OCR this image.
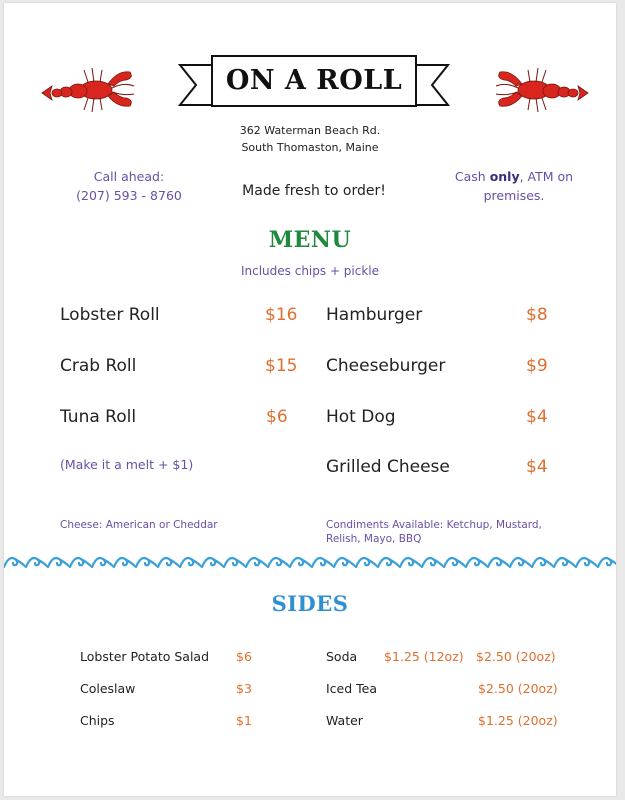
ON A ROLL
362 Waterman Beach Rd.
South Thomaston, Maine
Call ahead:
(207) 593 - 8760	Made fresh to order!
Cash only, ATM on
premises.
MENU
Includes chips + pickle
Lobster Roll	$16
Crab Roll	$15
Tuna Roll	$6
(Make it a melt + $1)
Hamburger	$8
Cheeseburger	$9
Hot Dog	$4
Grilled Cheese	$4
Cheese: American or Cheddar	Condiments Available: Ketchup, Mustard,
Relish, Mayo, BBQ
SIDES
Lobster Potato Salad $6
Coleslaw	$3
Chips	$1
Soda $1.25 (12oz) $2.50 (20oz)
Iced Tea	$2.50 (20oz)
Water	$1.25 (20oz)
